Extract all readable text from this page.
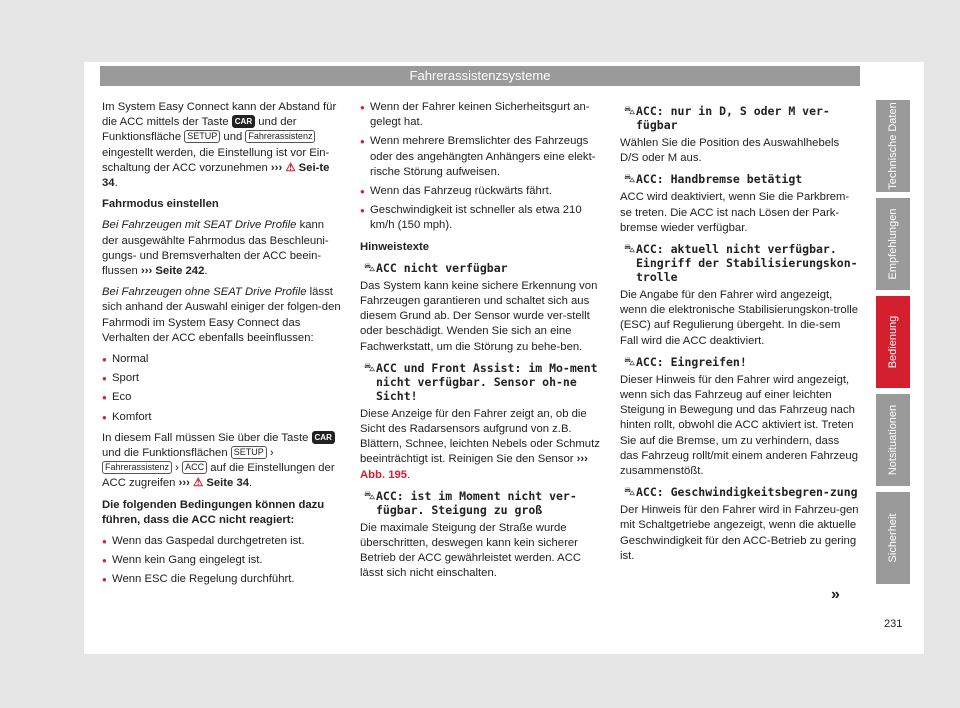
Fahrerassistenzsysteme

Im System Easy Connect kann der Abstand für die ACC mittels der Taste CAR und der Funktionsfläche SETUP und Fahrerassistenz eingestellt werden, die Einstellung ist vor Ein-schaltung der ACC vorzunehmen ››› ⚠ Sei-te 34.

Fahrmodus einstellen

Bei Fahrzeugen mit SEAT Drive Profile kann der ausgewählte Fahrmodus das Beschleuni-gungs- und Bremsverhalten der ACC beein-flussen ››› Seite 242.

Bei Fahrzeugen ohne SEAT Drive Profile lässt sich anhand der Auswahl einiger der folgen-den Fahrmodi im System Easy Connect das Verhalten der ACC ebenfalls beeinflussen:

● Normal
● Sport
● Eco
● Komfort

In diesem Fall müssen Sie über die Taste CAR und die Funktionsflächen SETUP › Fahrerassistenz › ACC auf die Einstellungen der ACC zugreifen ››› ⚠ Seite 34.

Die folgenden Bedingungen können dazu führen, dass die ACC nicht reagiert:

● Wenn das Gaspedal durchgetreten ist.
● Wenn kein Gang eingelegt ist.
● Wenn ESC die Regelung durchführt.
● Wenn der Fahrer keinen Sicherheitsgurt an-gelegt hat.
● Wenn mehrere Bremslichter des Fahrzeugs oder des angehängten Anhängers eine elekt-rische Störung aufweisen.
● Wenn das Fahrzeug rückwärts fährt.
● Geschwindigkeit ist schneller als etwa 210 km/h (150 mph).

Hinweistexte

⛍ ACC nicht verfügbar

Das System kann keine sichere Erkennung von Fahrzeugen garantieren und schaltet sich aus diesem Grund ab. Der Sensor wurde ver-stellt oder beschädigt. Wenden Sie sich an eine Fachwerkstatt, um die Störung zu behe-ben.

⛍ ACC und Front Assist: im Mo-ment nicht verfügbar. Sensor oh-ne Sicht!

Diese Anzeige für den Fahrer zeigt an, ob die Sicht des Radarsensors aufgrund von z.B. Blättern, Schnee, leichten Nebels oder Schmutz beeinträchtigt ist. Reinigen Sie den Sensor ››› Abb. 195.

⛍ ACC: ist im Moment nicht ver-fügbar. Steigung zu groß

Die maximale Steigung der Straße wurde überschritten, deswegen kann kein sicherer Betrieb der ACC gewährleistet werden. ACC lässt sich nicht einschalten.

⛍ ACC: nur in D, S oder M ver-fügbar

Wählen Sie die Position des Auswahlhebels D/S oder M aus.

⛍ ACC: Handbremse betätigt

ACC wird deaktiviert, wenn Sie die Parkbrem-se treten. Die ACC ist nach Lösen der Park-bremse wieder verfügbar.

⛍ ACC: aktuell nicht verfügbar. Eingriff der Stabilisierungskon-trolle

Die Angabe für den Fahrer wird angezeigt, wenn die elektronische Stabilisierungskon-trolle (ESC) auf Regulierung übergeht. In die-sem Fall wird die ACC deaktiviert.

⛍ ACC: Eingreifen!

Dieser Hinweis für den Fahrer wird angezeigt, wenn sich das Fahrzeug auf einer leichten Steigung in Bewegung und das Fahrzeug nach hinten rollt, obwohl die ACC aktiviert ist. Treten Sie auf die Bremse, um zu verhindern, dass das Fahrzeug rollt/mit einem anderen Fahrzeug zusammenstößt.

⛍ ACC: Geschwindigkeitsbegren-zung

Der Hinweis für den Fahrer wird in Fahrzeu-gen mit Schaltgetriebe angezeigt, wenn die aktuelle Geschwindigkeit für den ACC-Betrieb zu gering ist.

»
Technische Daten
Empfehlungen
Bedienung
Notsituationen
Sicherheit
231
